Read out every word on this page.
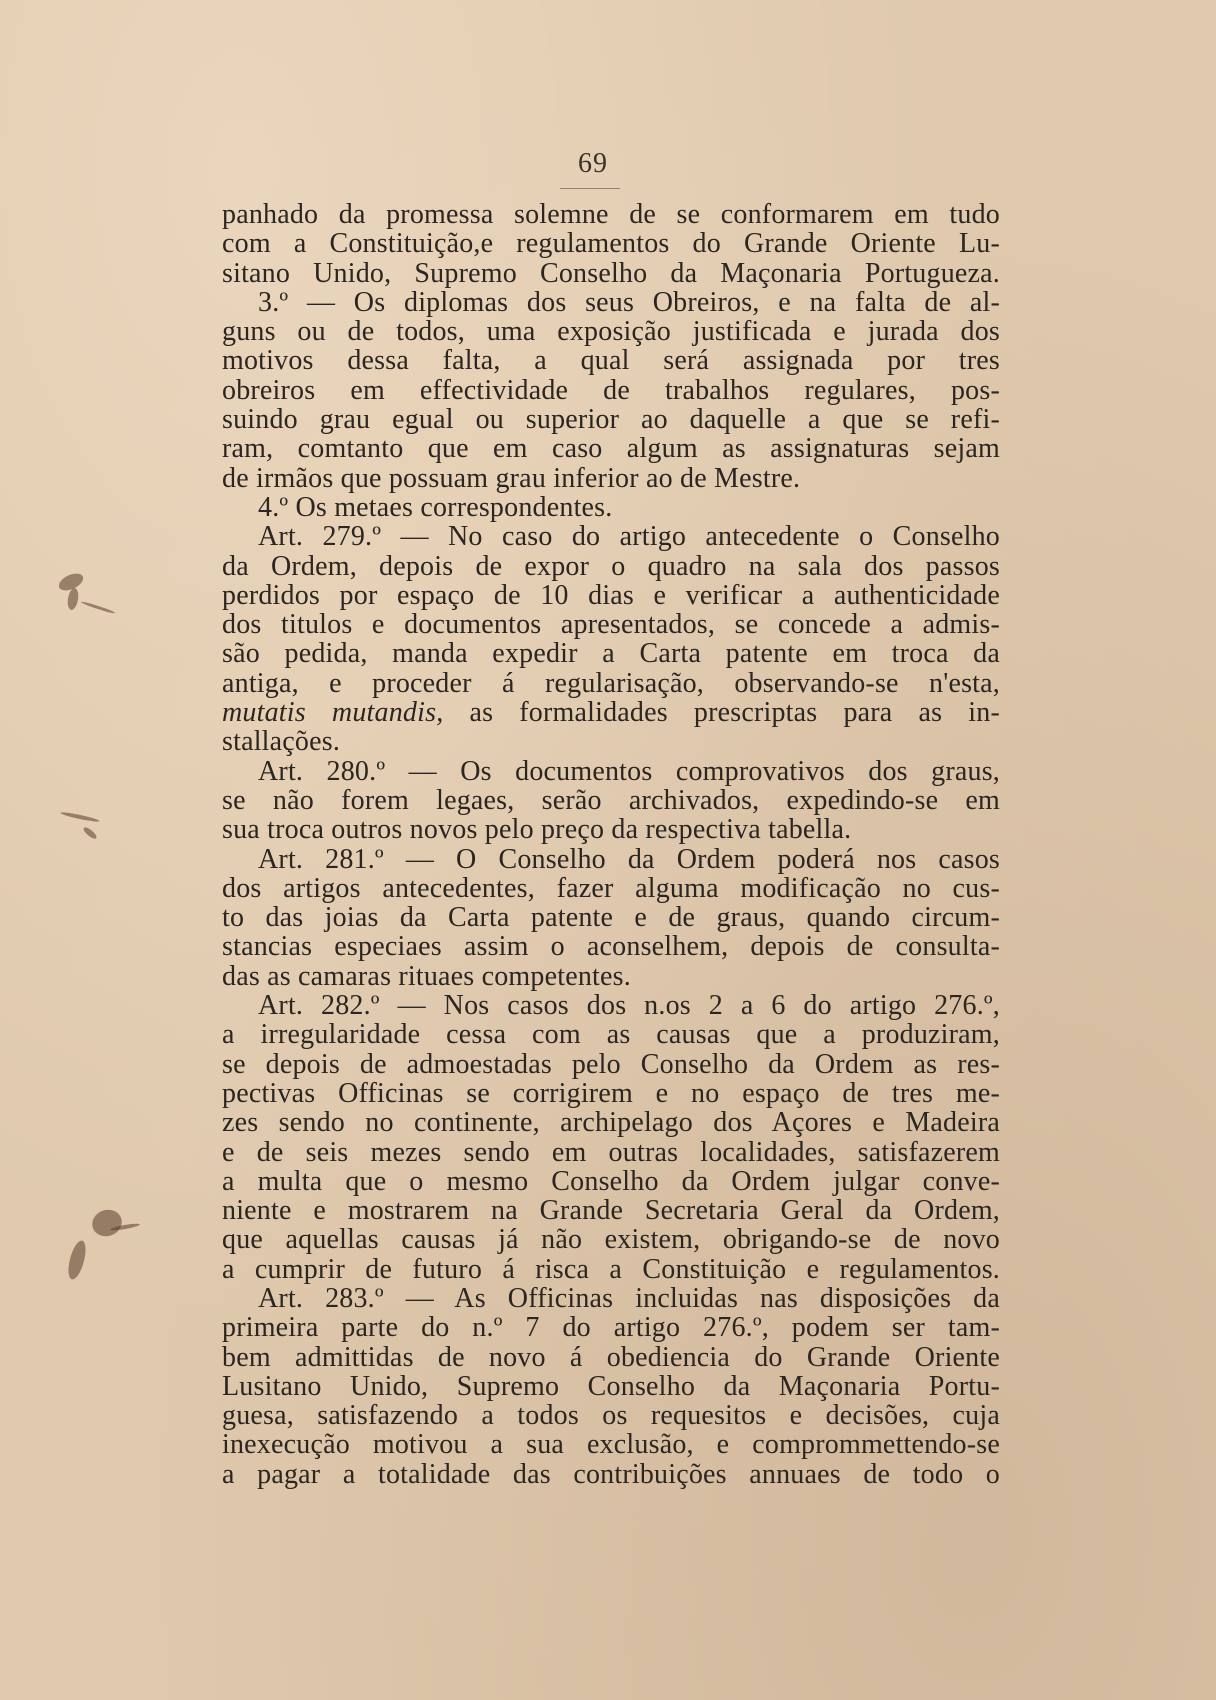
69
panhado da promessa solemne de se conformarem em tudo
com a Constituição,e regulamentos do Grande Oriente Lu-
sitano Unido, Supremo Conselho da Maçonaria Portugueza.
3.º — Os diplomas dos seus Obreiros, e na falta de al-
guns ou de todos, uma exposição justificada e jurada dos
motivos dessa falta, a qual será assignada por tres
obreiros em effectividade de trabalhos regulares, pos-
suindo grau egual ou superior ao daquelle a que se refi-
ram, comtanto que em caso algum as assignaturas sejam
de irmãos que possuam grau inferior ao de Mestre.
4.º Os metaes correspondentes.
Art. 279.º — No caso do artigo antecedente o Conselho
da Ordem, depois de expor o quadro na sala dos passos
perdidos por espaço de 10 dias e verificar a authenticidade
dos titulos e documentos apresentados, se concede a admis-
são pedida, manda expedir a Carta patente em troca da
antiga, e proceder á regularisação, observando-se n'esta,
mutatis mutandis, as formalidades prescriptas para as in-
stallações.
Art. 280.º — Os documentos comprovativos dos graus,
se não forem legaes, serão archivados, expedindo-se em
sua troca outros novos pelo preço da respectiva tabella.
Art. 281.º — O Conselho da Ordem poderá nos casos
dos artigos antecedentes, fazer alguma modificação no cus-
to das joias da Carta patente e de graus, quando circum-
stancias especiaes assim o aconselhem, depois de consulta-
das as camaras rituaes competentes.
Art. 282.º — Nos casos dos n.os 2 a 6 do artigo 276.º,
a irregularidade cessa com as causas que a produziram,
se depois de admoestadas pelo Conselho da Ordem as res-
pectivas Officinas se corrigirem e no espaço de tres me-
zes sendo no continente, archipelago dos Açores e Madeira
e de seis mezes sendo em outras localidades, satisfazerem
a multa que o mesmo Conselho da Ordem julgar conve-
niente e mostrarem na Grande Secretaria Geral da Ordem,
que aquellas causas já não existem, obrigando-se de novo
a cumprir de futuro á risca a Constituição e regulamentos.
Art. 283.º — As Officinas incluidas nas disposições da
primeira parte do n.º 7 do artigo 276.º, podem ser tam-
bem admittidas de novo á obediencia do Grande Oriente
Lusitano Unido, Supremo Conselho da Maçonaria Portu-
guesa, satisfazendo a todos os requesitos e decisões, cuja
inexecução motivou a sua exclusão, e comprommettendo-se
a pagar a totalidade das contribuições annuaes de todo o
